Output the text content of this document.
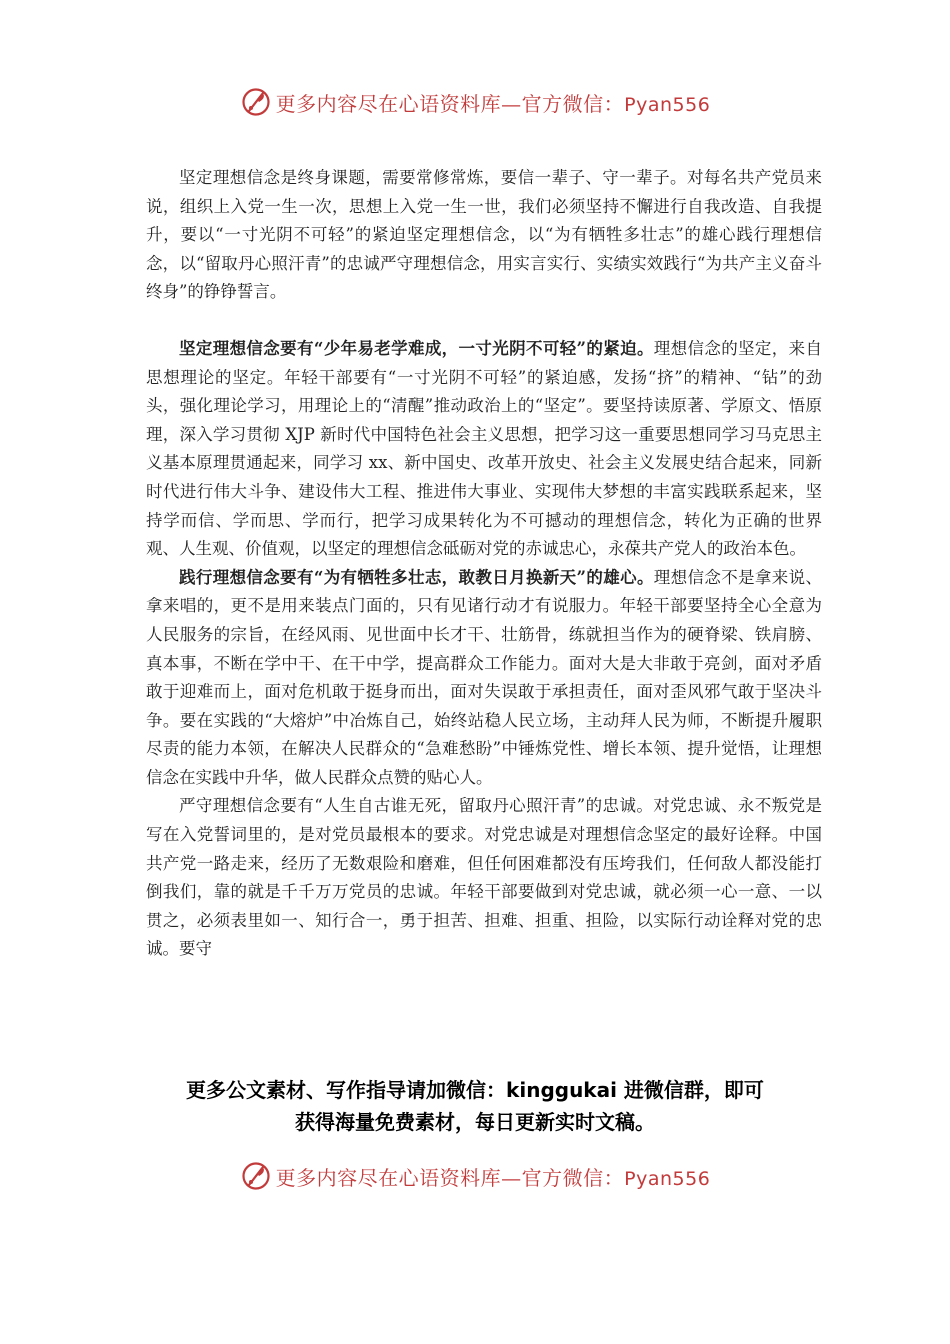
更多内容尽在心语资料库—官方微信：Pyan556

坚定理想信念是终身课题，需要常修常炼，要信一辈子、守一辈子。对每名共产党员来说，组织上入党一生一次，思想上入党一生一世，我们必须坚持不懈进行自我改造、自我提升，要以“一寸光阴不可轻”的紧迫坚定理想信念，以“为有牺牲多壮志”的雄心践行理想信念，以“留取丹心照汗青”的忠诚严守理想信念，用实言实行、实绩实效践行“为共产主义奋斗终身”的铮铮誓言。

坚定理想信念要有“少年易老学难成，一寸光阴不可轻”的紧迫。理想信念的坚定，来自思想理论的坚定。年轻干部要有“一寸光阴不可轻”的紧迫感，发扬“挤”的精神、“钻”的劲头，强化理论学习，用理论上的“清醒”推动政治上的“坚定”。要坚持读原著、学原文、悟原理，深入学习贯彻 XJP 新时代中国特色社会主义思想，把学习这一重要思想同学习马克思主义基本原理贯通起来，同学习 xx、新中国史、改革开放史、社会主义发展史结合起来，同新时代进行伟大斗争、建设伟大工程、推进伟大事业、实现伟大梦想的丰富实践联系起来，坚持学而信、学而思、学而行，把学习成果转化为不可撼动的理想信念，转化为正确的世界观、人生观、价值观，以坚定的理想信念砥砺对党的赤诚忠心，永葆共产党人的政治本色。

践行理想信念要有“为有牺牲多壮志，敢教日月换新天”的雄心。理想信念不是拿来说、拿来唱的，更不是用来装点门面的，只有见诸行动才有说服力。年轻干部要坚持全心全意为人民服务的宗旨，在经风雨、见世面中长才干、壮筋骨，练就担当作为的硬脊梁、铁肩膀、真本事，不断在学中干、在干中学，提高群众工作能力。面对大是大非敢于亮剑，面对矛盾敢于迎难而上，面对危机敢于挺身而出，面对失误敢于承担责任，面对歪风邪气敢于坚决斗争。要在实践的“大熔炉”中冶炼自己，始终站稳人民立场，主动拜人民为师，不断提升履职尽责的能力本领，在解决人民群众的“急难愁盼”中锤炼党性、增长本领、提升觉悟，让理想信念在实践中升华，做人民群众点赞的贴心人。

严守理想信念要有“人生自古谁无死，留取丹心照汗青”的忠诚。对党忠诚、永不叛党是写在入党誓词里的，是对党员最根本的要求。对党忠诚是对理想信念坚定的最好诠释。中国共产党一路走来，经历了无数艰险和磨难，但任何困难都没有压垮我们，任何敌人都没能打倒我们，靠的就是千千万万党员的忠诚。年轻干部要做到对党忠诚，就必须一心一意、一以贯之，必须表里如一、知行合一，勇于担苦、担难、担重、担险，以实际行动诠释对党的忠诚。要守

更多公文素材、写作指导请加微信：kinggukai 进微信群，即可
获得海量免费素材，每日更新实时文稿。
更多内容尽在心语资料库—官方微信：Pyan556
